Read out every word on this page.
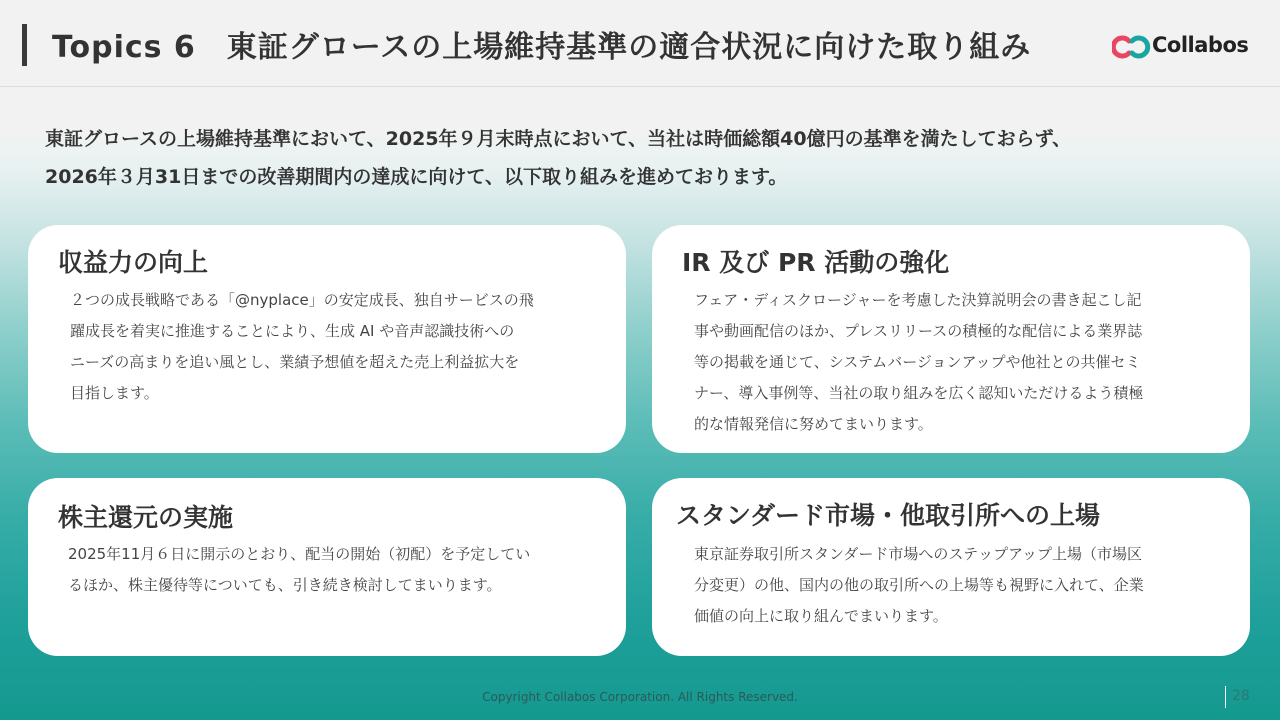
Topics 6　東証グロースの上場維持基準の適合状況に向けた取り組み	Collabos

東証グロースの上場維持基準において、2025年９月末時点において、当社は時価総額40億円の基準を満たしておらず、

2026年３月31日までの改善期間内の達成に向けて、以下取り組みを進めております。

収益力の向上

２つの成長戦略である「@nyplace」の安定成長、独自サービスの飛

躍成長を着実に推進することにより、生成 AI や音声認識技術への

ニーズの高まりを追い風とし、業績予想値を超えた売上利益拡大を

目指します。

IR 及び PR 活動の強化

フェア・ディスクロージャーを考慮した決算説明会の書き起こし記

事や動画配信のほか、プレスリリースの積極的な配信による業界誌

等の掲載を通じて、システムバージョンアップや他社との共催セミ

ナー、導入事例等、当社の取り組みを広く認知いただけるよう積極

的な情報発信に努めてまいります。

株主還元の実施

2025年11月６日に開示のとおり、配当の開始（初配）を予定してい

るほか、株主優待等についても、引き続き検討してまいります。

スタンダード市場・他取引所への上場

東京証券取引所スタンダード市場へのステップアップ上場（市場区

分変更）の他、国内の他の取引所への上場等も視野に入れて、企業

価値の向上に取り組んでまいります。

Copyright Collabos Corporation. All Rights Reserved.	28
